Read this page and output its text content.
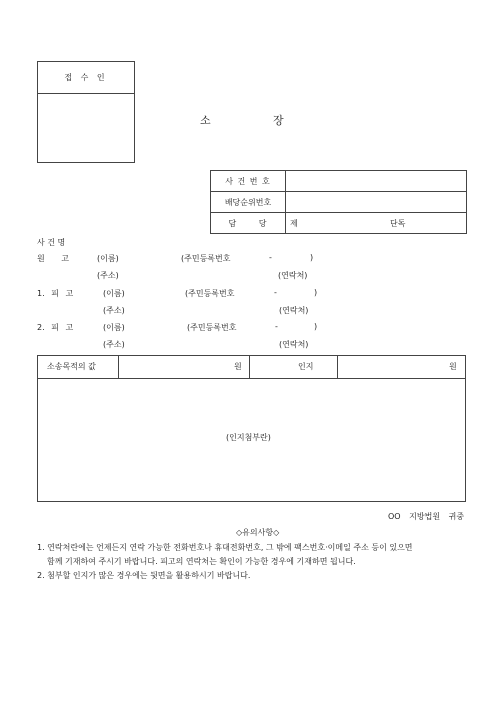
접 수 인
소	장
사 건 번 호	
배당순위번호	
담 당	제 단독
사 건 명
원 고	(이름)	(주민등록번호	-	)
(주소)	(연락처)
1. 피 고	(이름)	(주민등록번호	-	)
(주소)	(연락처)
2. 피 고	(이름)	(주민등록번호	-	)
(주소)	(연락처)
소송목적의 값	원	인지	원
(인지첨부란)
OO 지방법원 귀중
◇유의사항◇
1. 연락처란에는 언제든지 연락 가능한 전화번호나 휴대전화번호, 그 밖에 팩스번호·이메일 주소 등이 있으면
함께 기재하여 주시기 바랍니다. 피고의 연락처는 확인이 가능한 경우에 기재하면 됩니다.
2. 첨부할 인지가 많은 경우에는 뒷면을 활용하시기 바랍니다.
